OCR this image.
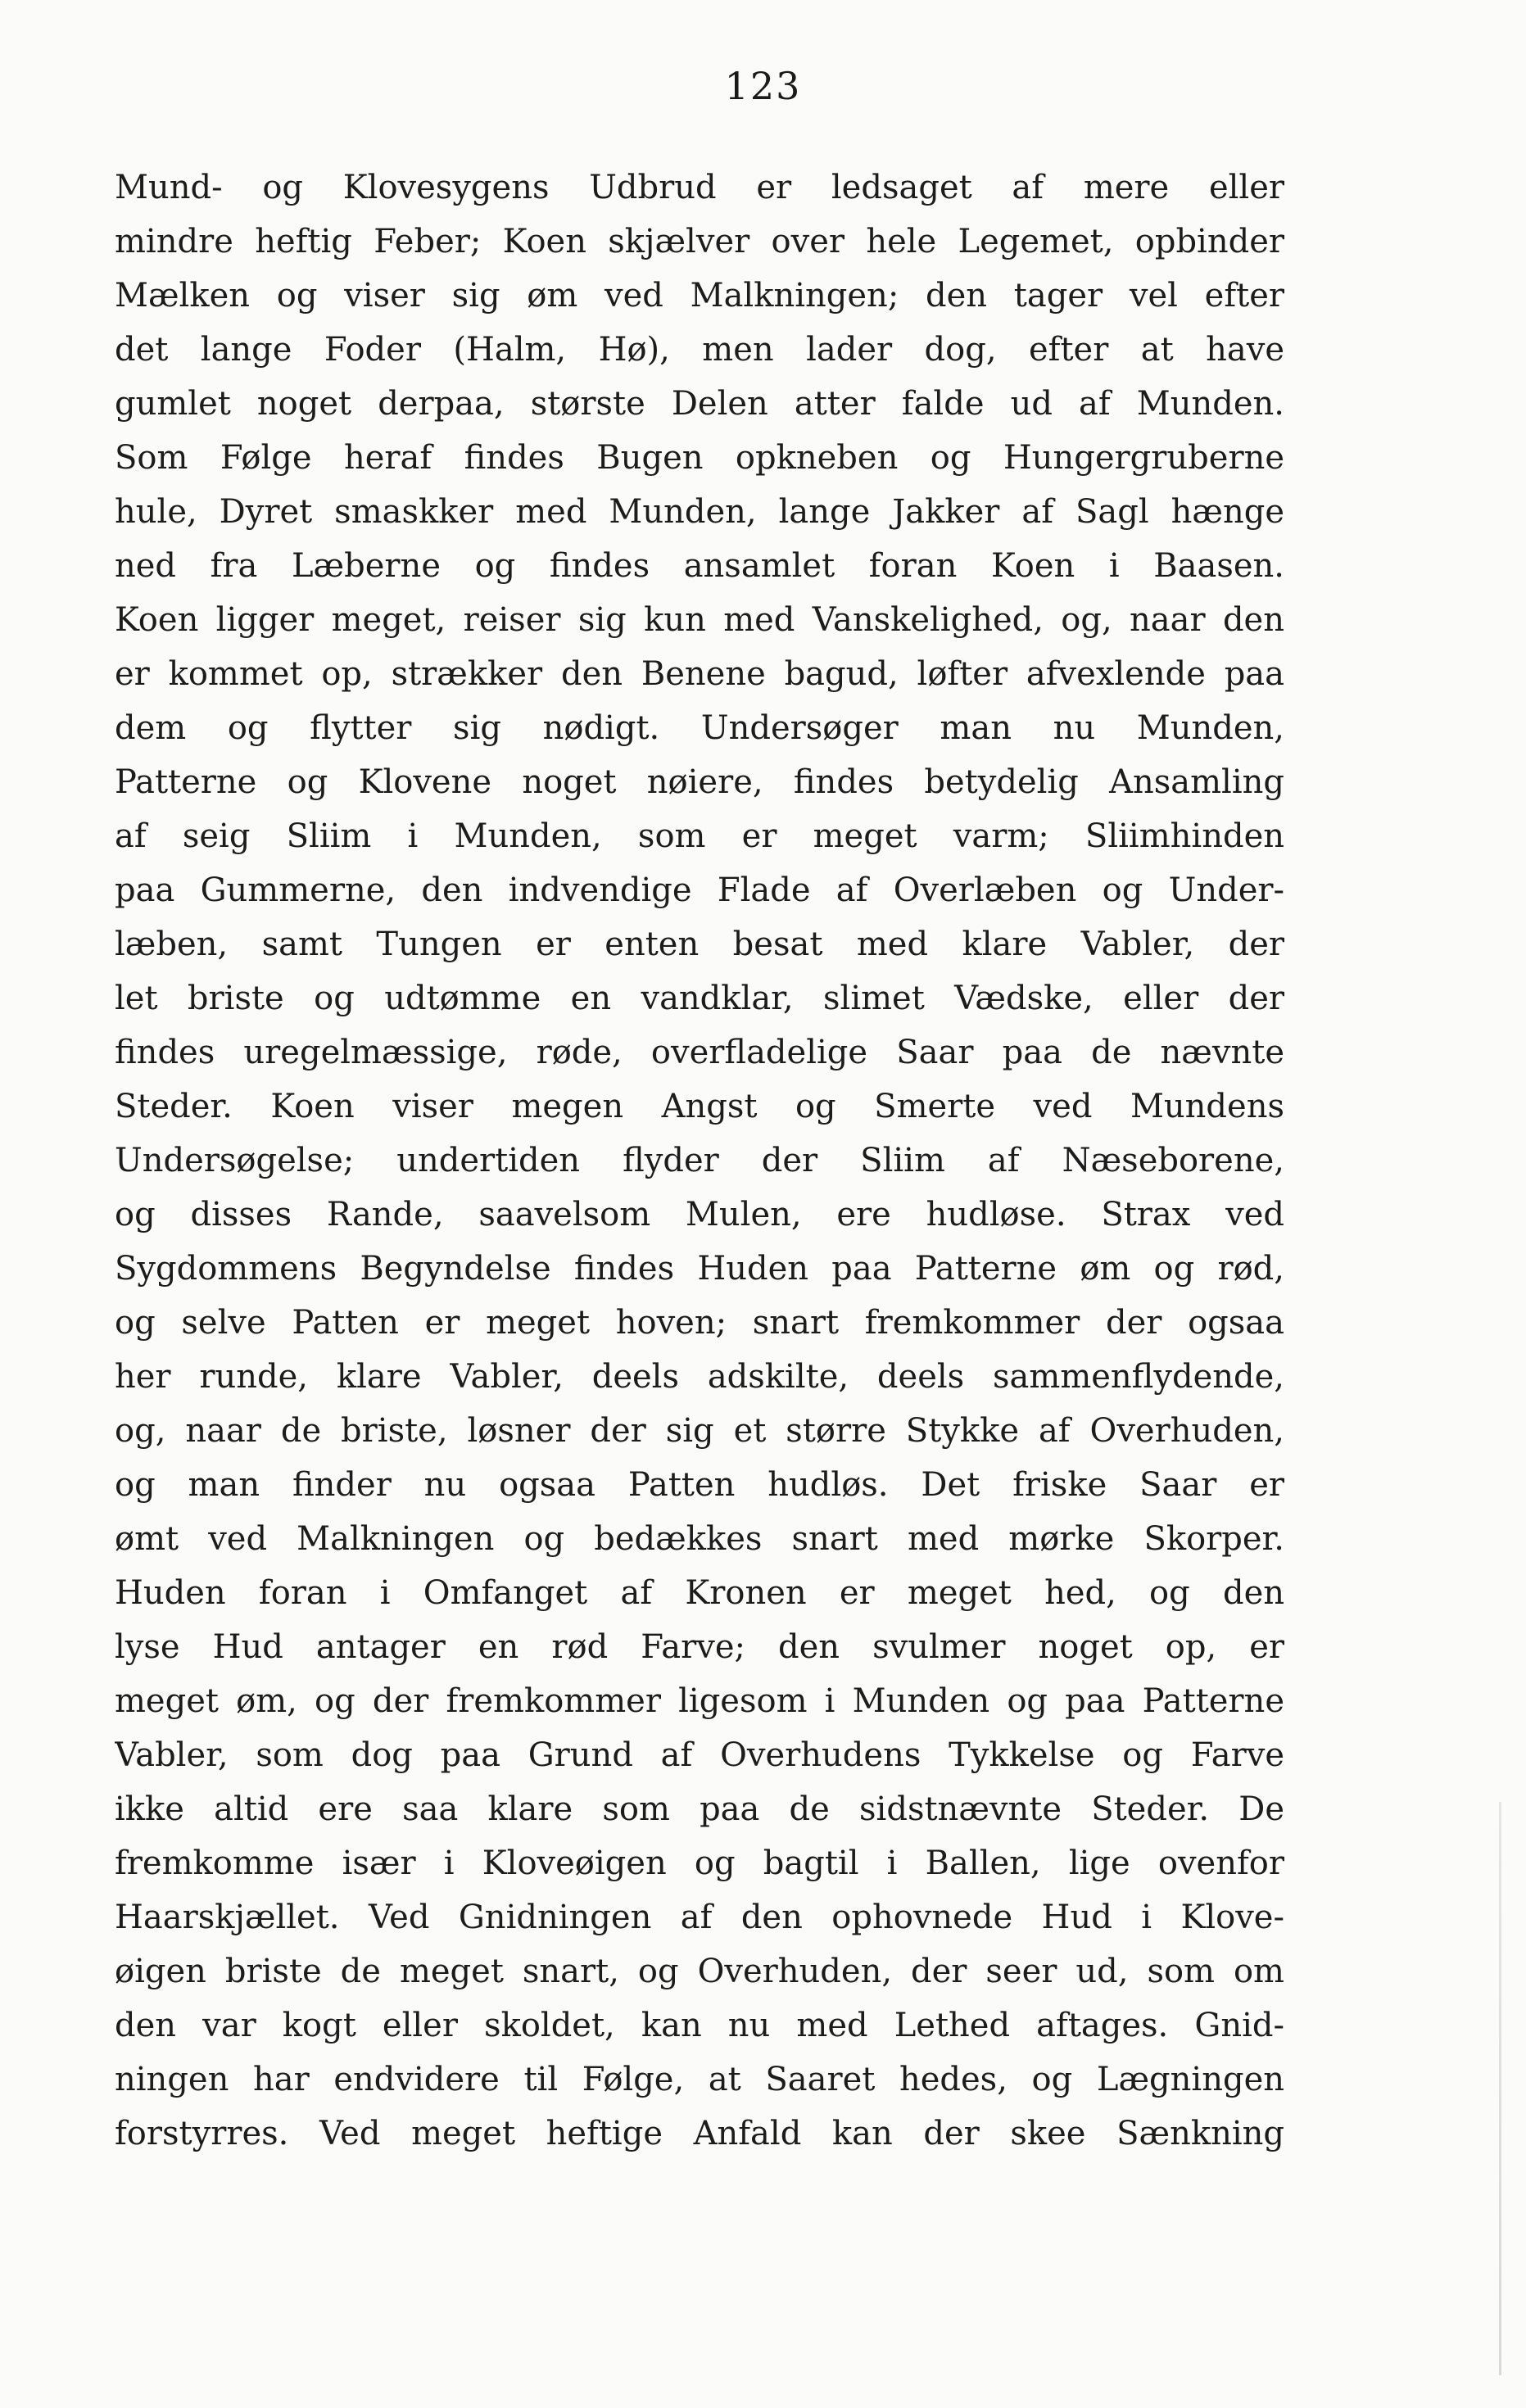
123
Mund- og Klovesygens Udbrud er ledsaget af mere eller
mindre heftig Feber; Koen skjælver over hele Legemet, opbinder
Mælken og viser sig øm ved Malkningen; den tager vel efter
det lange Foder (Halm, Hø), men lader dog, efter at have
gumlet noget derpaa, største Delen atter falde ud af Munden.
Som Følge heraf findes Bugen opkneben og Hungergruberne
hule, Dyret smaskker med Munden, lange Jakker af Sagl hænge
ned fra Læberne og findes ansamlet foran Koen i Baasen.
Koen ligger meget, reiser sig kun med Vanskelighed, og, naar den
er kommet op, strækker den Benene bagud, løfter afvexlende paa
dem og flytter sig nødigt. Undersøger man nu Munden,
Patterne og Klovene noget nøiere, findes betydelig Ansamling
af seig Sliim i Munden, som er meget varm; Sliimhinden
paa Gummerne, den indvendige Flade af Overlæben og Under-
læben, samt Tungen er enten besat med klare Vabler, der
let briste og udtømme en vandklar, slimet Vædske, eller der
findes uregelmæssige, røde, overfladelige Saar paa de nævnte
Steder. Koen viser megen Angst og Smerte ved Mundens
Undersøgelse; undertiden flyder der Sliim af Næseborene,
og disses Rande, saavelsom Mulen, ere hudløse. Strax ved
Sygdommens Begyndelse findes Huden paa Patterne øm og rød,
og selve Patten er meget hoven; snart fremkommer der ogsaa
her runde, klare Vabler, deels adskilte, deels sammenflydende,
og, naar de briste, løsner der sig et større Stykke af Overhuden,
og man finder nu ogsaa Patten hudløs. Det friske Saar er
ømt ved Malkningen og bedækkes snart med mørke Skorper.
Huden foran i Omfanget af Kronen er meget hed, og den
lyse Hud antager en rød Farve; den svulmer noget op, er
meget øm, og der fremkommer ligesom i Munden og paa Patterne
Vabler, som dog paa Grund af Overhudens Tykkelse og Farve
ikke altid ere saa klare som paa de sidstnævnte Steder. De
fremkomme især i Kloveøigen og bagtil i Ballen, lige ovenfor
Haarskjællet. Ved Gnidningen af den ophovnede Hud i Klove-
øigen briste de meget snart, og Overhuden, der seer ud, som om
den var kogt eller skoldet, kan nu med Lethed aftages. Gnid-
ningen har endvidere til Følge, at Saaret hedes, og Lægningen
forstyrres. Ved meget heftige Anfald kan der skee Sænkning
